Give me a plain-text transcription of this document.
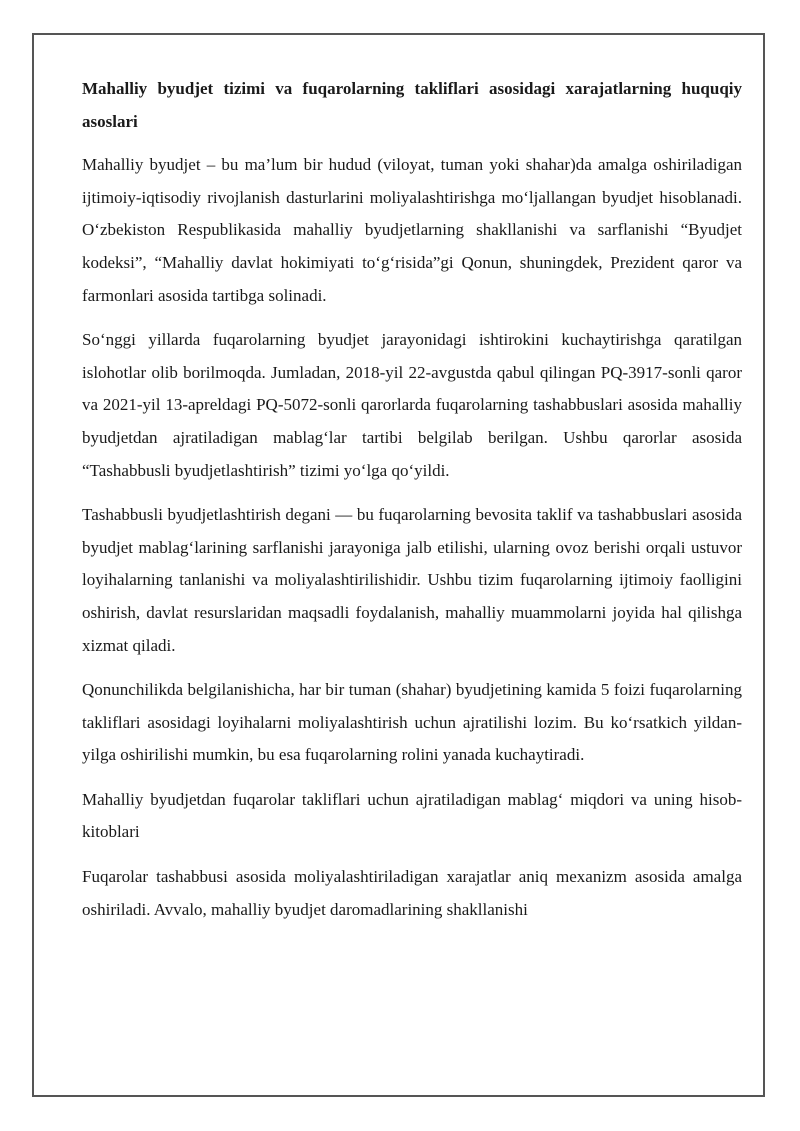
Mahalliy byudjet tizimi va fuqarolarning takliflari asosidagi xarajatlarning huquqiy asoslari

Mahalliy byudjet – bu ma’lum bir hudud (viloyat, tuman yoki shahar)da amalga oshiriladigan ijtimoiy-iqtisodiy rivojlanish dasturlarini moliyalashtirishga mo‘ljallangan byudjet hisoblanadi. O‘zbekiston Respublikasida mahalliy byudjetlarning shakllanishi va sarflanishi “Byudjet kodeksi”, “Mahalliy davlat hokimiyati to‘g‘risida”gi Qonun, shuningdek, Prezident qaror va farmonlari asosida tartibga solinadi.

So‘nggi yillarda fuqarolarning byudjet jarayonidagi ishtirokini kuchaytirishga qaratilgan islohotlar olib borilmoqda. Jumladan, 2018-yil 22-avgustda qabul qilingan PQ-3917-sonli qaror va 2021-yil 13-apreldagi PQ-5072-sonli qarorlarda fuqarolarning tashabbuslari asosida mahalliy byudjetdan ajratiladigan mablag‘lar tartibi belgilab berilgan. Ushbu qarorlar asosida “Tashabbusli byudjetlashtirish” tizimi yo‘lga qo‘yildi.

Tashabbusli byudjetlashtirish degani — bu fuqarolarning bevosita taklif va tashabbuslari asosida byudjet mablag‘larining sarflanishi jarayoniga jalb etilishi, ularning ovoz berishi orqali ustuvor loyihalarning tanlanishi va moliyalashtirilishidir. Ushbu tizim fuqarolarning ijtimoiy faolligini oshirish, davlat resurslaridan maqsadli foydalanish, mahalliy muammolarni joyida hal qilishga xizmat qiladi.

Qonunchilikda belgilanishicha, har bir tuman (shahar) byudjetining kamida 5 foizi fuqarolarning takliflari asosidagi loyihalarni moliyalashtirish uchun ajratilishi lozim. Bu ko‘rsatkich yildan-yilga oshirilishi mumkin, bu esa fuqarolarning rolini yanada kuchaytiradi.

Mahalliy byudjetdan fuqarolar takliflari uchun ajratiladigan mablag‘ miqdori va uning hisob-kitoblari

Fuqarolar tashabbusi asosida moliyalashtiriladigan xarajatlar aniq mexanizm asosida amalga oshiriladi. Avvalo, mahalliy byudjet daromadlarining shakllanishi
